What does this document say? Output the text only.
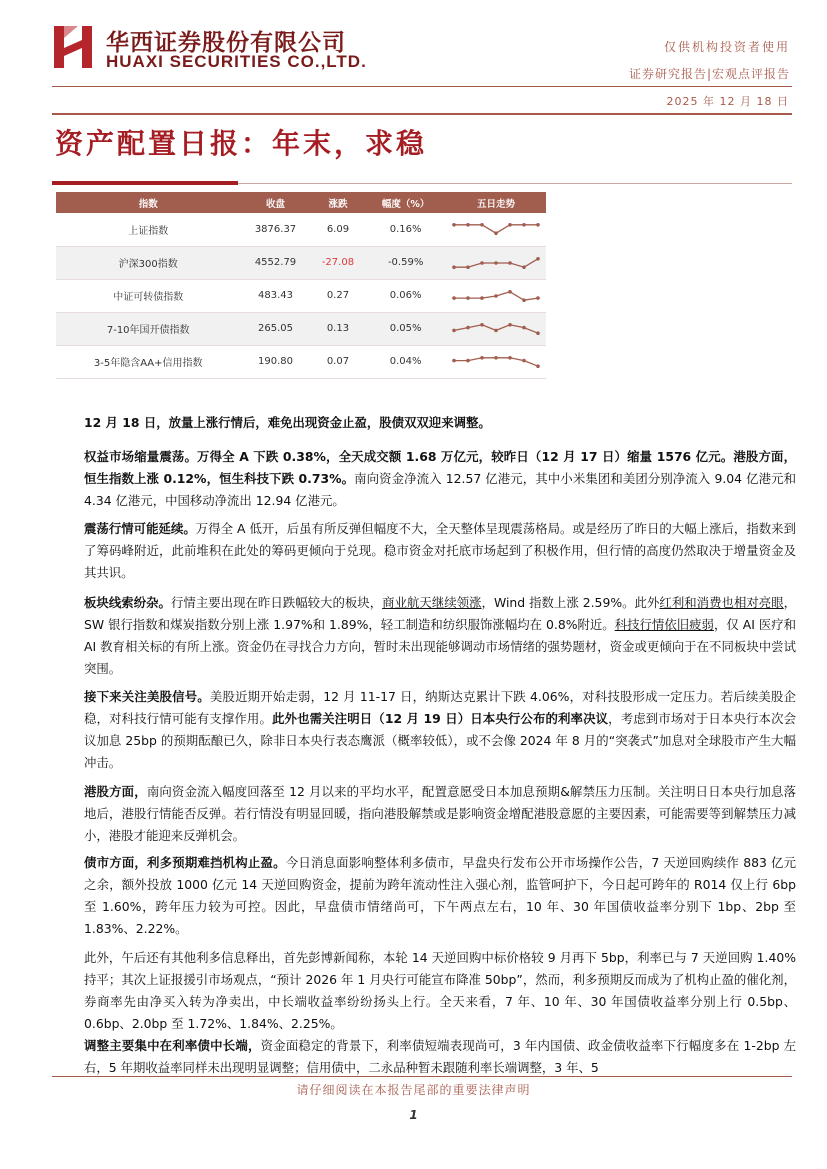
华西证券股份有限公司
HUAXI SECURITIES CO.,LTD.
仅供机构投资者使用
证券研究报告|宏观点评报告
2025 年 12 月 18 日
资产配置日报：年末，求稳
指数	收盘	涨跌	幅度（%）	五日走势
上证指数	3876.37	6.09	0.16%	

沪深300指数	4552.79	-27.08	-0.59%	

中证可转债指数	483.43	0.27	0.06%	

7-10年国开债指数	265.05	0.13	0.05%	

3-5年隐含AA+信用指数	190.80	0.07	0.04%	

12 月 18 日，放量上涨行情后，难免出现资金止盈，股债双双迎来调整。

权益市场缩量震荡。万得全 A 下跌 0.38%，全天成交额 1.68 万亿元，较昨日（12 月 17 日）缩量 1576 亿元。港股方面，恒生指数上涨 0.12%，恒生科技下跌 0.73%。南向资金净流入 12.57 亿港元，其中小米集团和美团分别净流入 9.04 亿港元和 4.34 亿港元，中国移动净流出 12.94 亿港元。

震荡行情可能延续。万得全 A 低开，后虽有所反弹但幅度不大，全天整体呈现震荡格局。或是经历了昨日的大幅上涨后，指数来到了筹码峰附近，此前堆积在此处的筹码更倾向于兑现。稳市资金对托底市场起到了积极作用，但行情的高度仍然取决于增量资金及其共识。

板块线索纷杂。行情主要出现在昨日跌幅较大的板块，商业航天继续领涨，Wind 指数上涨 2.59%。此外红利和消费也相对亮眼，SW 银行指数和煤炭指数分别上涨 1.97%和 1.89%，轻工制造和纺织服饰涨幅均在 0.8%附近。科技行情依旧疲弱，仅 AI 医疗和 AI 教育相关标的有所上涨。资金仍在寻找合力方向，暂时未出现能够调动市场情绪的强势题材，资金或更倾向于在不同板块中尝试突围。

接下来关注美股信号。美股近期开始走弱，12 月 11-17 日，纳斯达克累计下跌 4.06%，对科技股形成一定压力。若后续美股企稳，对科技行情可能有支撑作用。此外也需关注明日（12 月 19 日）日本央行公布的利率决议，考虑到市场对于日本央行本次会议加息 25bp 的预期酝酿已久，除非日本央行表态鹰派（概率较低），或不会像 2024 年 8 月的“突袭式”加息对全球股市产生大幅冲击。

港股方面，南向资金流入幅度回落至 12 月以来的平均水平，配置意愿受日本加息预期&解禁压力压制。关注明日日本央行加息落地后，港股行情能否反弹。若行情没有明显回暖，指向港股解禁或是影响资金增配港股意愿的主要因素，可能需要等到解禁压力减小，港股才能迎来反弹机会。

债市方面，利多预期难挡机构止盈。今日消息面影响整体利多债市，早盘央行发布公开市场操作公告，7 天逆回购续作 883 亿元之余，额外投放 1000 亿元 14 天逆回购资金，提前为跨年流动性注入强心剂，监管呵护下，今日起可跨年的 R014 仅上行 6bp 至 1.60%，跨年压力较为可控。因此，早盘债市情绪尚可，下午两点左右，10 年、30 年国债收益率分别下 1bp、2bp 至 1.83%、2.22%。

此外，午后还有其他利多信息释出，首先彭博新闻称，本轮 14 天逆回购中标价格较 9 月再下 5bp，利率已与 7 天逆回购 1.40%持平；其次上证报援引市场观点，“预计 2026 年 1 月央行可能宣布降准 50bp”，然而，利多预期反而成为了机构止盈的催化剂，券商率先由净买入转为净卖出，中长端收益率纷纷扬头上行。全天来看，7 年、10 年、30 年国债收益率分别上行 0.5bp、0.6bp、2.0bp 至 1.72%、1.84%、2.25%。

调整主要集中在利率债中长端，资金面稳定的背景下，利率债短端表现尚可，3 年内国债、政金债收益率下行幅度多在 1-2bp 左右，5 年期收益率同样未出现明显调整；信用债中，二永品种暂未跟随利率长端调整，3 年、5

请仔细阅读在本报告尾部的重要法律声明
1
